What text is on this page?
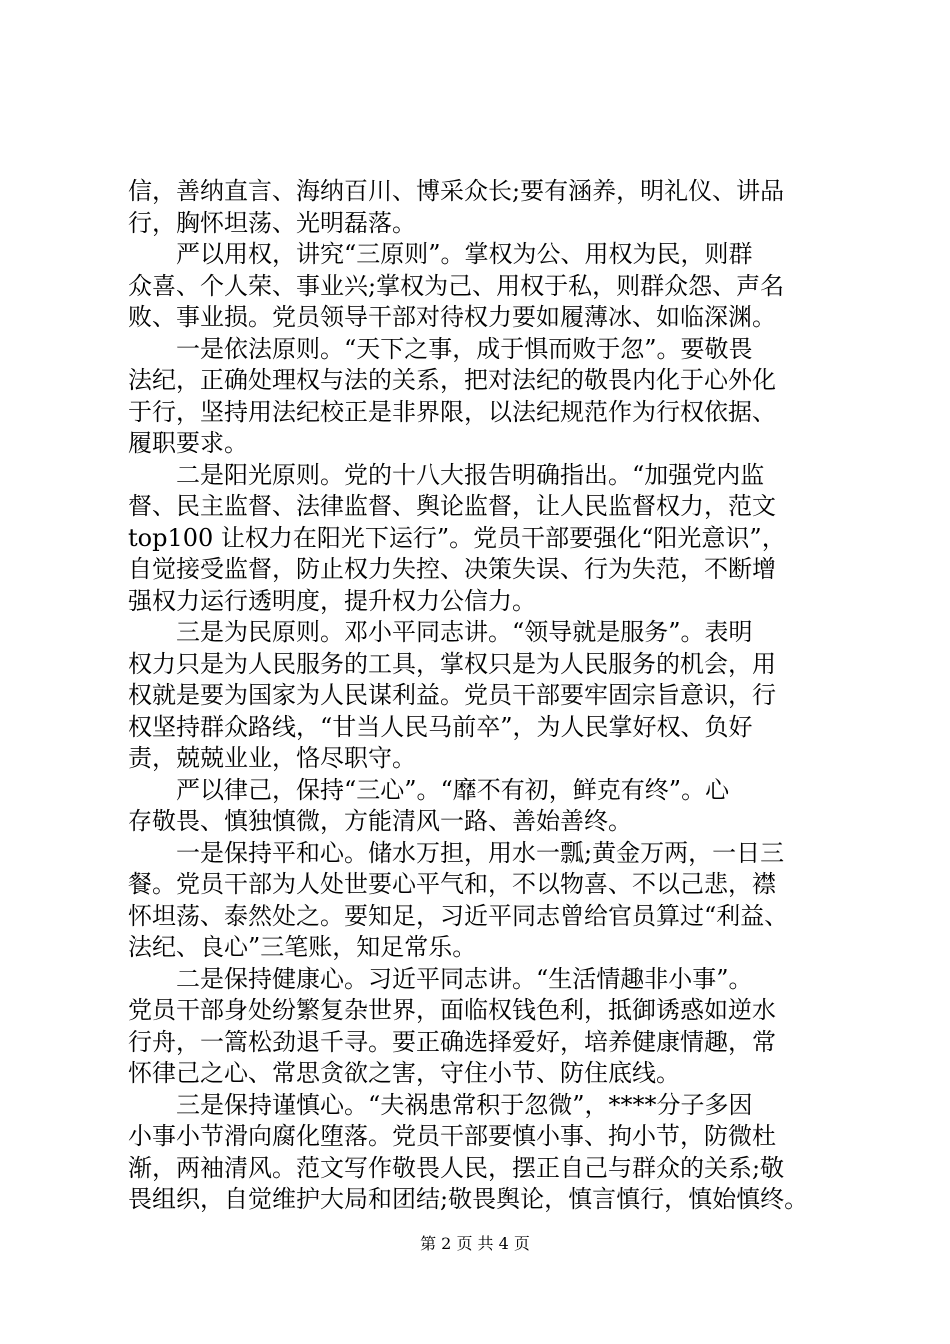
信，善纳直言、海纳百川、博采众长;要有涵养，明礼仪、讲品
行，胸怀坦荡、光明磊落。
　　严以用权，讲究“三原则”。掌权为公、用权为民，则群
众喜、个人荣、事业兴;掌权为己、用权于私，则群众怨、声名
败、事业损。党员领导干部对待权力要如履薄冰、如临深渊。
　　一是依法原则。“天下之事，成于惧而败于忽”。要敬畏
法纪，正确处理权与法的关系，把对法纪的敬畏内化于心外化
于行，坚持用法纪校正是非界限，以法纪规范作为行权依据、
履职要求。
　　二是阳光原则。党的十八大报告明确指出。“加强党内监
督、民主监督、法律监督、舆论监督，让人民监督权力，范文
top100 让权力在阳光下运行”。党员干部要强化“阳光意识”，
自觉接受监督，防止权力失控、决策失误、行为失范，不断增
强权力运行透明度，提升权力公信力。
　　三是为民原则。邓小平同志讲。“领导就是服务”。表明
权力只是为人民服务的工具，掌权只是为人民服务的机会，用
权就是要为国家为人民谋利益。党员干部要牢固宗旨意识，行
权坚持群众路线，“甘当人民马前卒”，为人民掌好权、负好
责，兢兢业业，恪尽职守。
　　严以律己，保持“三心”。“靡不有初，鲜克有终”。心
存敬畏、慎独慎微，方能清风一路、善始善终。
　　一是保持平和心。储水万担，用水一瓢;黄金万两，一日三
餐。党员干部为人处世要心平气和，不以物喜、不以己悲，襟
怀坦荡、泰然处之。要知足，习近平同志曾给官员算过“利益、
法纪、良心”三笔账，知足常乐。
　　二是保持健康心。习近平同志讲。“生活情趣非小事”。
党员干部身处纷繁复杂世界，面临权钱色利，抵御诱惑如逆水
行舟，一篙松劲退千寻。要正确选择爱好，培养健康情趣，常
怀律己之心、常思贪欲之害，守住小节、防住底线。
　　三是保持谨慎心。“夫祸患常积于忽微”，****分子多因
小事小节滑向腐化堕落。党员干部要慎小事、拘小节，防微杜
渐，两袖清风。范文写作敬畏人民，摆正自己与群众的关系;敬
畏组织，自觉维护大局和团结;敬畏舆论，慎言慎行，慎始慎终。
第 2 页 共 4 页
